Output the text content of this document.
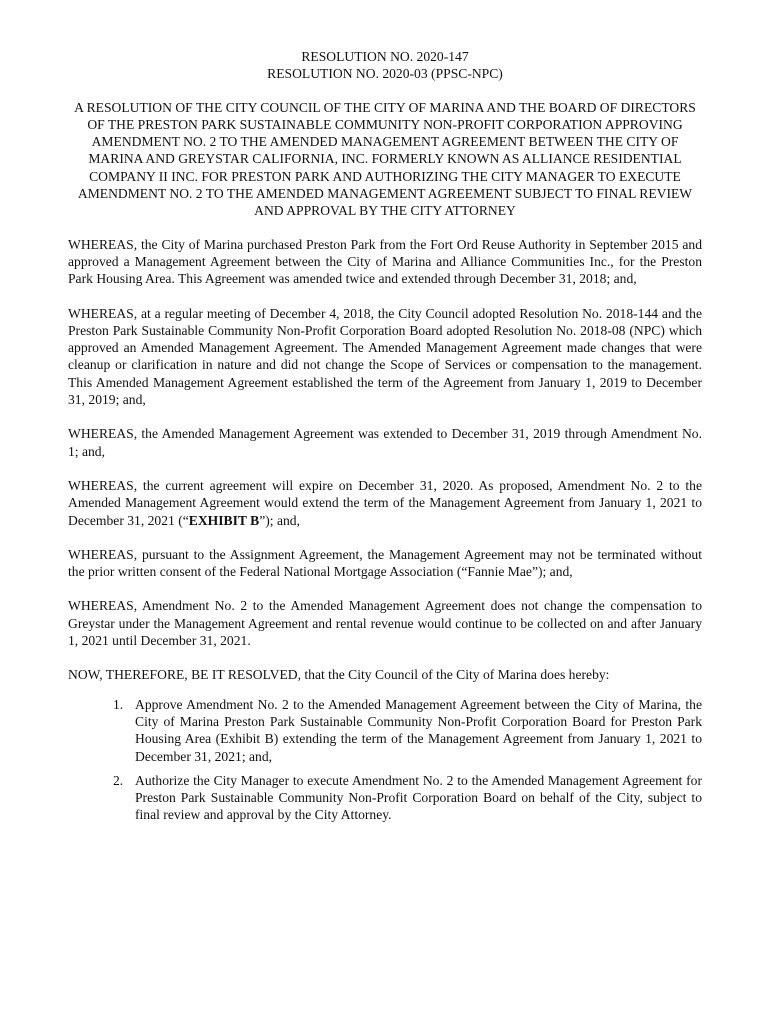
RESOLUTION NO. 2020-147
RESOLUTION NO. 2020-03 (PPSC-NPC)
A RESOLUTION OF THE CITY COUNCIL OF THE CITY OF MARINA AND THE BOARD OF DIRECTORS OF THE PRESTON PARK SUSTAINABLE COMMUNITY NON-PROFIT CORPORATION APPROVING AMENDMENT NO. 2 TO THE AMENDED MANAGEMENT AGREEMENT BETWEEN THE CITY OF MARINA AND GREYSTAR CALIFORNIA, INC. FORMERLY KNOWN AS ALLIANCE RESIDENTIAL COMPANY II INC. FOR PRESTON PARK AND AUTHORIZING THE CITY MANAGER TO EXECUTE AMENDMENT NO. 2 TO THE AMENDED MANAGEMENT AGREEMENT SUBJECT TO FINAL REVIEW AND APPROVAL BY THE CITY ATTORNEY

WHEREAS, the City of Marina purchased Preston Park from the Fort Ord Reuse Authority in September 2015 and approved a Management Agreement between the City of Marina and Alliance Communities Inc., for the Preston Park Housing Area. This Agreement was amended twice and extended through December 31, 2018; and,

WHEREAS, at a regular meeting of December 4, 2018, the City Council adopted Resolution No. 2018-144 and the Preston Park Sustainable Community Non-Profit Corporation Board adopted Resolution No. 2018-08 (NPC) which approved an Amended Management Agreement. The Amended Management Agreement made changes that were cleanup or clarification in nature and did not change the Scope of Services or compensation to the management. This Amended Management Agreement established the term of the Agreement from January 1, 2019 to December 31, 2019; and,

WHEREAS, the Amended Management Agreement was extended to December 31, 2019 through Amendment No. 1; and,

WHEREAS, the current agreement will expire on December 31, 2020. As proposed, Amendment No. 2 to the Amended Management Agreement would extend the term of the Management Agreement from January 1, 2021 to December 31, 2021 (“EXHIBIT B”); and,

WHEREAS, pursuant to the Assignment Agreement, the Management Agreement may not be terminated without the prior written consent of the Federal National Mortgage Association (“Fannie Mae”); and,

WHEREAS, Amendment No. 2 to the Amended Management Agreement does not change the compensation to Greystar under the Management Agreement and rental revenue would continue to be collected on and after January 1, 2021 until December 31, 2021.

NOW, THEREFORE, BE IT RESOLVED, that the City Council of the City of Marina does hereby:

1. Approve Amendment No. 2 to the Amended Management Agreement between the City of Marina, the City of Marina Preston Park Sustainable Community Non-Profit Corporation Board for Preston Park Housing Area (Exhibit B) extending the term of the Management Agreement from January 1, 2021 to December 31, 2021; and,
2. Authorize the City Manager to execute Amendment No. 2 to the Amended Management Agreement for Preston Park Sustainable Community Non-Profit Corporation Board on behalf of the City, subject to final review and approval by the City Attorney.
